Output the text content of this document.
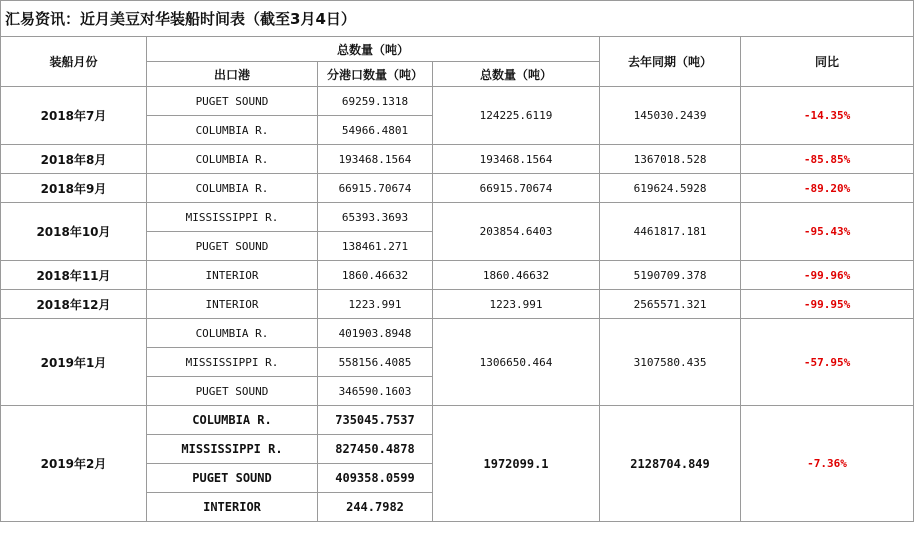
汇易资讯：近月美豆对华装船时间表（截至3月4日）
装船月份	总数量（吨）			去年同期（吨）	同比
	出口港	分港口数量（吨）	总数量（吨）		
2018年7月	PUGET SOUND	69259.1318	124225.6119	145030.2439	-14.35%
	COLUMBIA R.	54966.4801			
2018年8月	COLUMBIA R.	193468.1564	193468.1564	1367018.528	-85.85%
2018年9月	COLUMBIA R.	66915.70674	66915.70674	619624.5928	-89.20%
2018年10月	MISSISSIPPI R.	65393.3693	203854.6403	4461817.181	-95.43%
	PUGET SOUND	138461.271			
2018年11月	INTERIOR	1860.46632	1860.46632	5190709.378	-99.96%
2018年12月	INTERIOR	1223.991	1223.991	2565571.321	-99.95%
2019年1月	COLUMBIA R.	401903.8948	1306650.464	3107580.435	-57.95%
	MISSISSIPPI R.	558156.4085			
	PUGET SOUND	346590.1603			
2019年2月	COLUMBIA R.	735045.7537	1972099.1	2128704.849	-7.36%
	MISSISSIPPI R.	827450.4878			
	PUGET SOUND	409358.0599			
	INTERIOR	244.7982			
